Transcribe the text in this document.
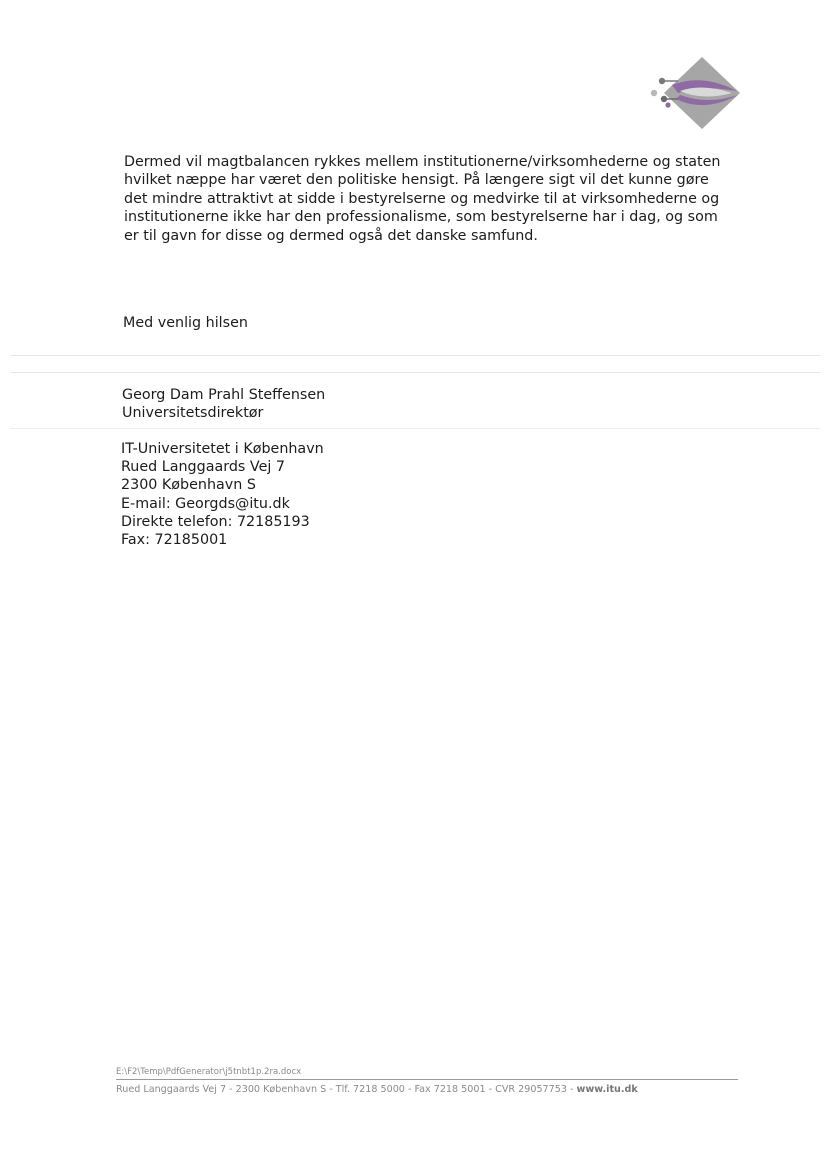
Dermed vil magtbalancen rykkes mellem institutionerne/virksomhederne og staten hvilket næppe har været den politiske hensigt. På længere sigt vil det kunne gøre det mindre attraktivt at sidde i bestyrelserne og medvirke til at virksomhederne og institutionerne ikke har den professionalisme, som bestyrelserne har i dag, og som er til gavn for disse og dermed også det danske samfund.

Med venlig hilsen

Georg Dam Prahl Steffensen
Universitetsdirektør
IT-Universitetet i København
Rued Langgaards Vej 7
2300 København S
E-mail: Georgds@itu.dk
Direkte telefon: 72185193
Fax: 72185001
E:\F2\Temp\PdfGenerator\j5tnbt1p.2ra.docx
Rued Langgaards Vej 7 - 2300 København S - Tlf. 7218 5000 - Fax 7218 5001 - CVR 29057753 - www.itu.dk
